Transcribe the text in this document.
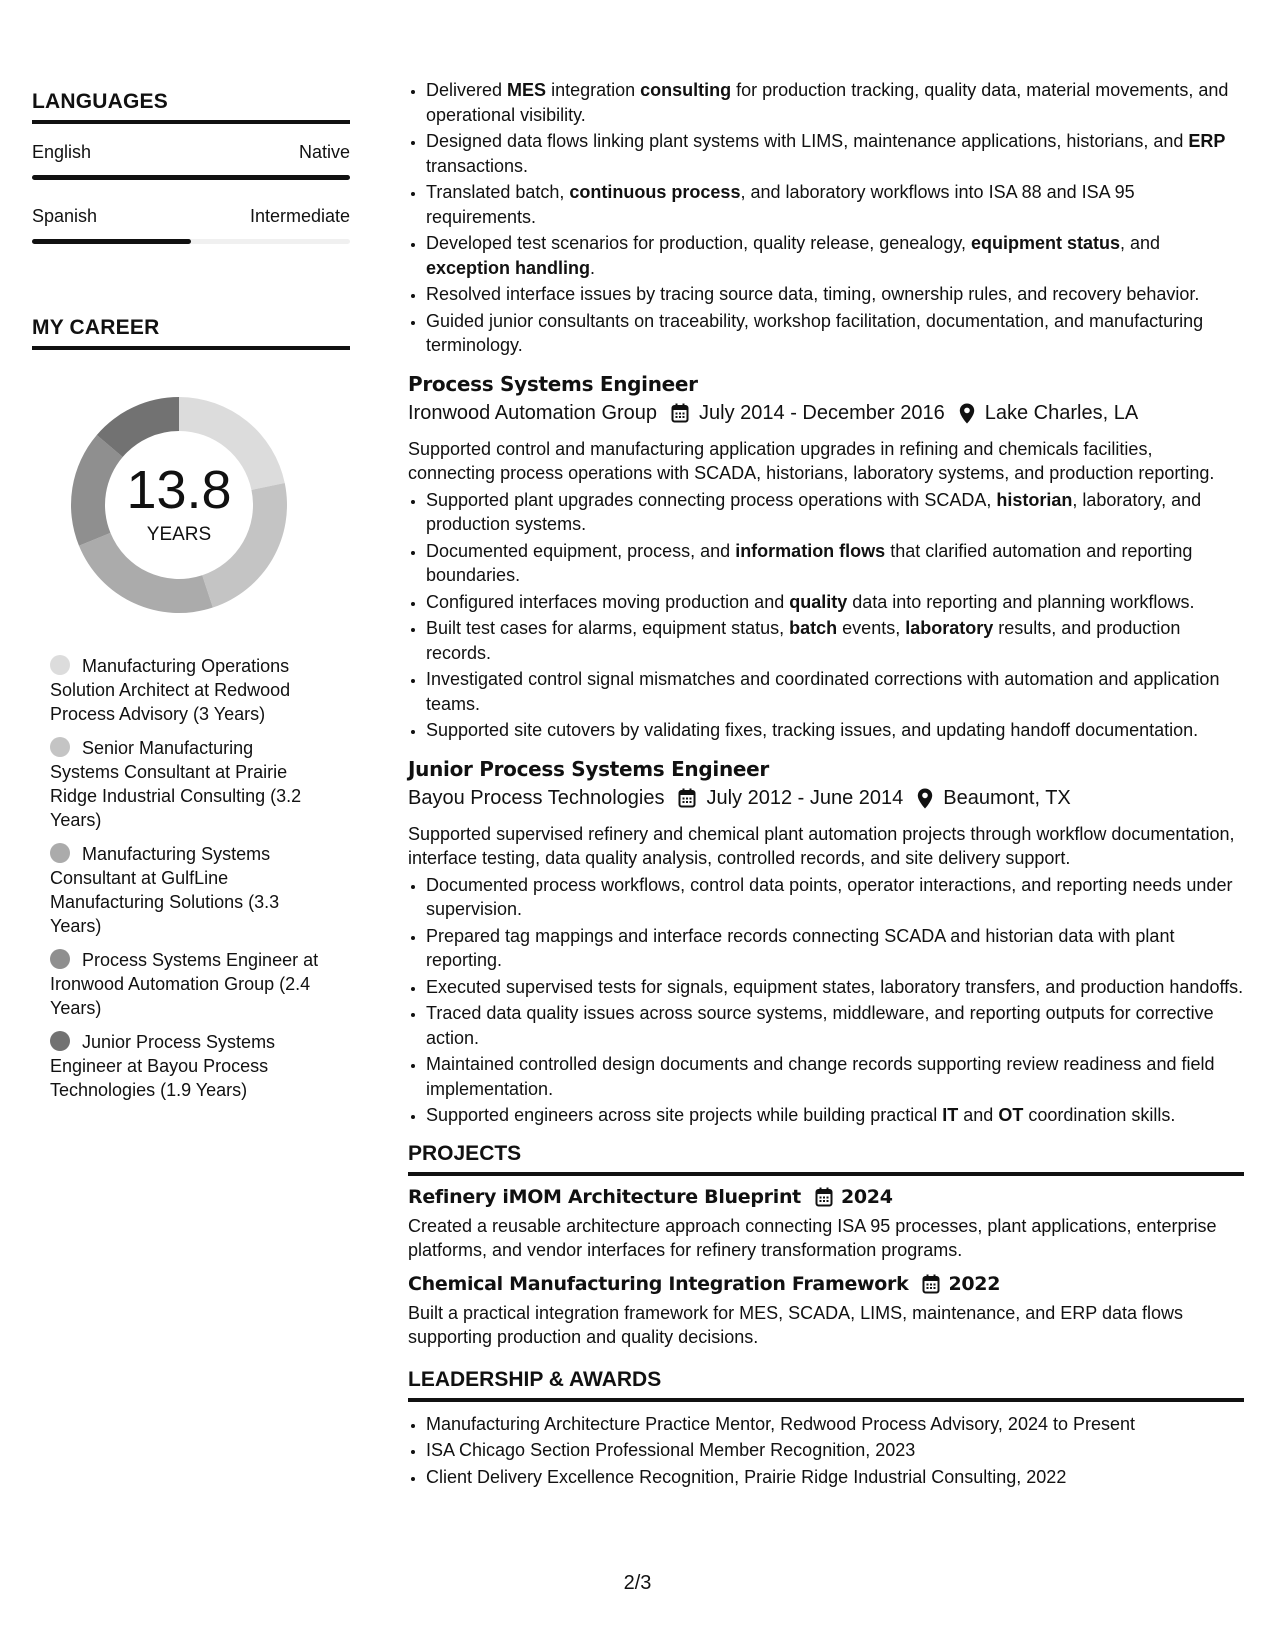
LANGUAGES
English	Native
Spanish	Intermediate
MY CAREER
13.8
YEARS
Manufacturing Operations Solution Architect at Redwood Process Advisory (3 Years)
Senior Manufacturing Systems Consultant at Prairie Ridge Industrial Consulting (3.2 Years)
Manufacturing Systems Consultant at GulfLine Manufacturing Solutions (3.3 Years)
Process Systems Engineer at Ironwood Automation Group (2.4 Years)
Junior Process Systems Engineer at Bayou Process Technologies (1.9 Years)
• Delivered MES integration consulting for production tracking, quality data, material movements, and operational visibility.
• Designed data flows linking plant systems with LIMS, maintenance applications, historians, and ERP transactions.
• Translated batch, continuous process, and laboratory workflows into ISA 88 and ISA 95 requirements.
• Developed test scenarios for production, quality release, genealogy, equipment status, and exception handling.
• Resolved interface issues by tracing source data, timing, ownership rules, and recovery behavior.
• Guided junior consultants on traceability, workshop facilitation, documentation, and manufacturing terminology.
Process Systems Engineer
Ironwood Automation Group July 2014 - December 2016 Lake Charles, LA
Supported control and manufacturing application upgrades in refining and chemicals facilities, connecting process operations with SCADA, historians, laboratory systems, and production reporting.
• Supported plant upgrades connecting process operations with SCADA, historian, laboratory, and production systems.
• Documented equipment, process, and information flows that clarified automation and reporting boundaries.
• Configured interfaces moving production and quality data into reporting and planning workflows.
• Built test cases for alarms, equipment status, batch events, laboratory results, and production records.
• Investigated control signal mismatches and coordinated corrections with automation and application teams.
• Supported site cutovers by validating fixes, tracking issues, and updating handoff documentation.
Junior Process Systems Engineer
Bayou Process Technologies July 2012 - June 2014 Beaumont, TX
Supported supervised refinery and chemical plant automation projects through workflow documentation, interface testing, data quality analysis, controlled records, and site delivery support.
• Documented process workflows, control data points, operator interactions, and reporting needs under supervision.
• Prepared tag mappings and interface records connecting SCADA and historian data with plant reporting.
• Executed supervised tests for signals, equipment states, laboratory transfers, and production handoffs.
• Traced data quality issues across source systems, middleware, and reporting outputs for corrective action.
• Maintained controlled design documents and change records supporting review readiness and field implementation.
• Supported engineers across site projects while building practical IT and OT coordination skills.
PROJECTS
Refinery iMOM Architecture Blueprint 2024
Created a reusable architecture approach connecting ISA 95 processes, plant applications, enterprise platforms, and vendor interfaces for refinery transformation programs.
Chemical Manufacturing Integration Framework 2022
Built a practical integration framework for MES, SCADA, LIMS, maintenance, and ERP data flows supporting production and quality decisions.
LEADERSHIP & AWARDS
• Manufacturing Architecture Practice Mentor, Redwood Process Advisory, 2024 to Present
• ISA Chicago Section Professional Member Recognition, 2023
• Client Delivery Excellence Recognition, Prairie Ridge Industrial Consulting, 2022
2/3
